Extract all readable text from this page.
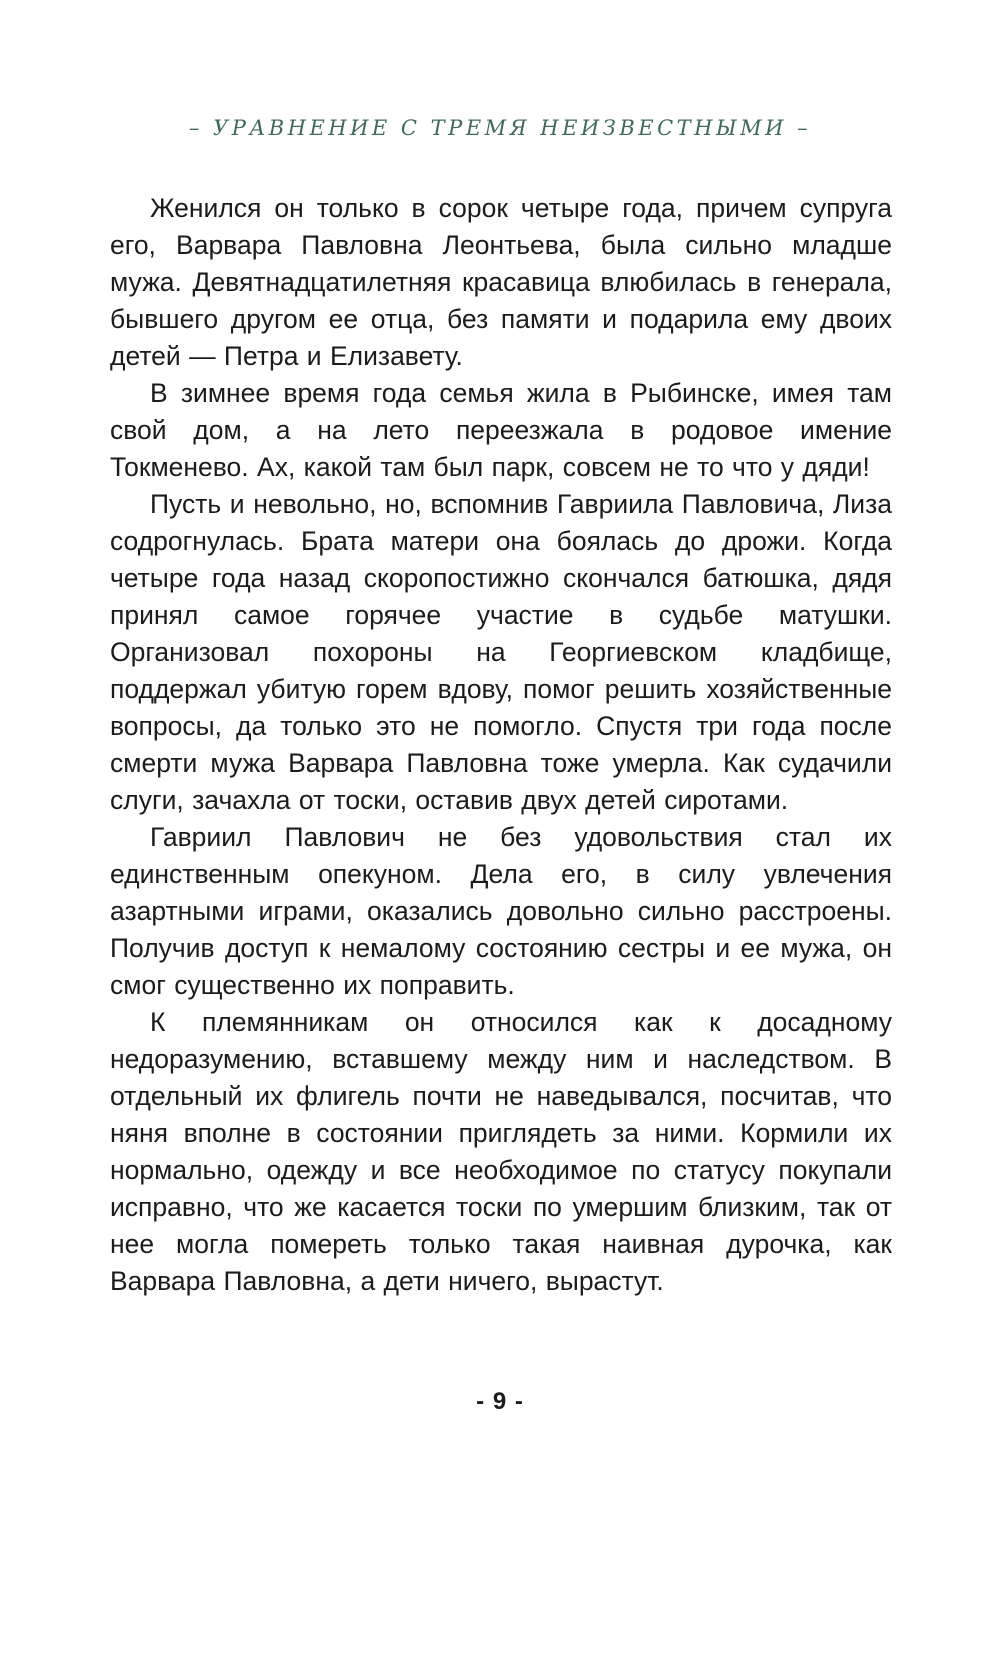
– УРАВНЕНИЕ С ТРЕМЯ НЕИЗВЕСТНЫМИ –

Женился он только в сорок четыре года, причем супруга его, Варвара Павловна Леонтьева, была сильно младше мужа. Девятнадцатилетняя красавица влюбилась в генерала, бывшего другом ее отца, без памяти и подарила ему двоих детей — Петра и Елизавету.

В зимнее время года семья жила в Рыбинске, имея там свой дом, а на лето переезжала в родовое имение Токменево. Ах, какой там был парк, совсем не то что у дяди!

Пусть и невольно, но, вспомнив Гавриила Павловича, Лиза содрогнулась. Брата матери она боялась до дрожи. Когда четыре года назад скоропостижно скончался батюшка, дядя принял самое горячее участие в судьбе матушки. Организовал похороны на Георгиевском кладбище, поддержал убитую горем вдову, помог решить хозяйственные вопросы, да только это не помогло. Спустя три года после смерти мужа Варвара Павловна тоже умерла. Как судачили слуги, зачахла от тоски, оставив двух детей сиротами.

Гавриил Павлович не без удовольствия стал их единственным опекуном. Дела его, в силу увлечения азартными играми, оказались довольно сильно расстроены. Получив доступ к немалому состоянию сестры и ее мужа, он смог существенно их поправить.

К племянникам он относился как к досадному недоразумению, вставшему между ним и наследством. В отдельный их флигель почти не наведывался, посчитав, что няня вполне в состоянии приглядеть за ними. Кормили их нормально, одежду и все необходимое по статусу покупали исправно, что же касается тоски по умершим близким, так от нее могла помереть только такая наивная дурочка, как Варвара Павловна, а дети ничего, вырастут.

- 9 -
